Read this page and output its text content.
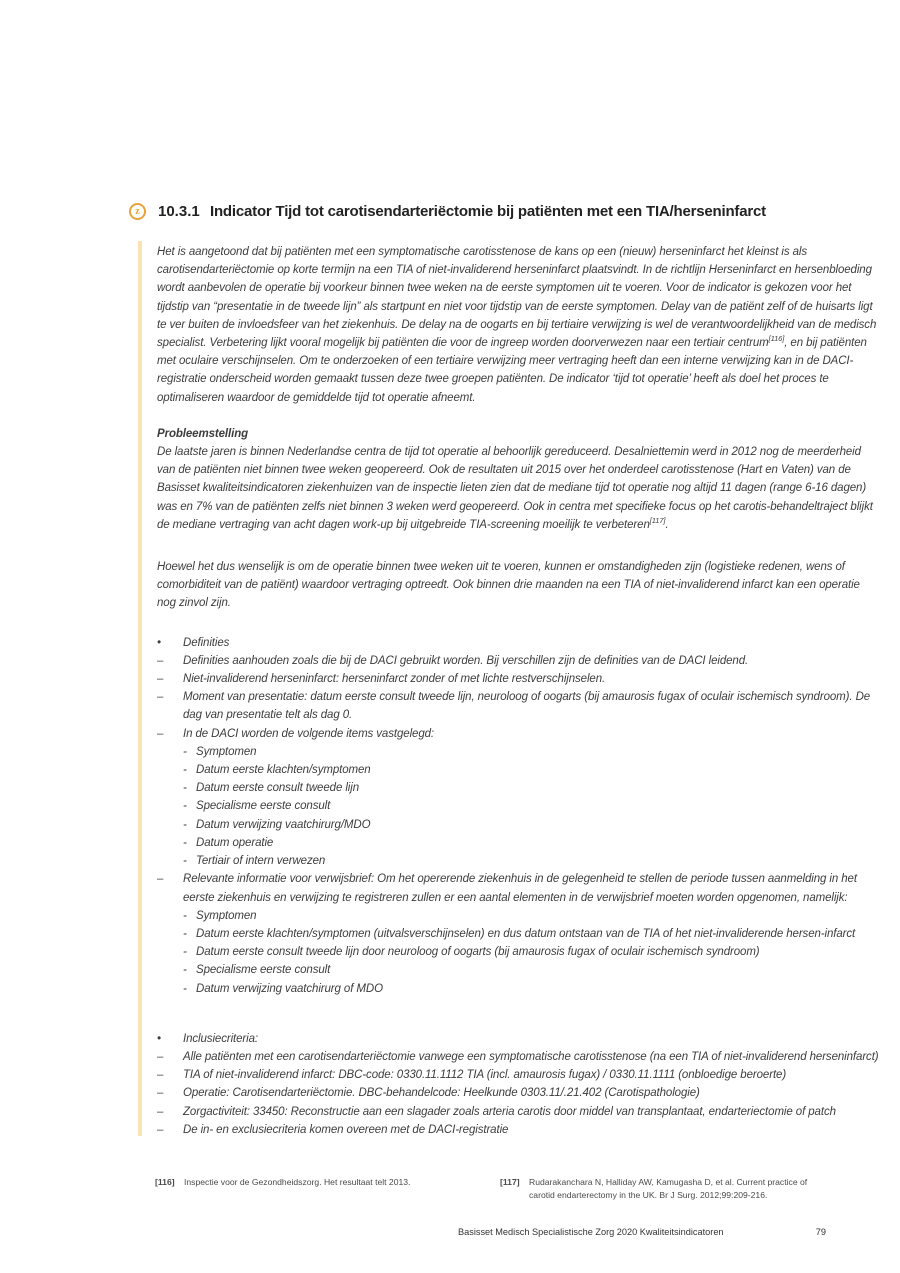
z	10.3.1 Indicator Tijd tot carotisendarteriëctomie bij patiënten met een TIA/herseninfarct
Het is aangetoond dat bij patiënten met een symptomatische carotisstenose de kans op een (nieuw) herseninfarct het kleinst is als carotisendarteriëctomie op korte termijn na een TIA of niet-invaliderend herseninfarct plaatsvindt. In de richtlijn Herseninfarct en hersenbloeding wordt aanbevolen de operatie bij voorkeur binnen twee weken na de eerste symptomen uit te voeren. Voor de indicator is gekozen voor het tijdstip van “presentatie in de tweede lijn” als startpunt en niet voor tijdstip van de eerste symptomen. Delay van de patiënt zelf of de huisarts ligt te ver buiten de invloedsfeer van het ziekenhuis. De delay na de oogarts en bij tertiaire verwijzing is wel de verantwoordelijkheid van de medisch specialist. Verbetering lijkt vooral mogelijk bij patiënten die voor de ingreep worden doorverwezen naar een tertiair centrum[116], en bij patiënten met oculaire verschijnselen. Om te onderzoeken of een tertiaire verwijzing meer vertraging heeft dan een interne verwijzing kan in de DACI-registratie onderscheid worden gemaakt tussen deze twee groepen patiënten. De indicator ‘tijd tot operatie’ heeft als doel het proces te optimaliseren waardoor de gemiddelde tijd tot operatie afneemt.
Probleemstelling
De laatste jaren is binnen Nederlandse centra de tijd tot operatie al behoorlijk gereduceerd. Desalniettemin werd in 2012 nog de meerderheid van de patiënten niet binnen twee weken geopereerd. Ook de resultaten uit 2015 over het onderdeel carotisstenose (Hart en Vaten) van de Basisset kwaliteitsindicatoren ziekenhuizen van de inspectie lieten zien dat de mediane tijd tot operatie nog altijd 11 dagen (range 6-16 dagen) was en 7% van de patiënten zelfs niet binnen 3 weken werd geopereerd. Ook in centra met specifieke focus op het carotis-behandeltraject blijkt de mediane vertraging van acht dagen work-up bij uitgebreide TIA-screening moeilijk te verbeteren[117].
Hoewel het dus wenselijk is om de operatie binnen twee weken uit te voeren, kunnen er omstandigheden zijn (logistieke redenen, wens of comorbiditeit van de patiënt) waardoor vertraging optreedt. Ook binnen drie maanden na een TIA of niet-invaliderend infarct kan een operatie nog zinvol zijn.
•	Definities
–	Definities aanhouden zoals die bij de DACI gebruikt worden. Bij verschillen zijn de definities van de DACI leidend.
–	Niet-invaliderend herseninfarct: herseninfarct zonder of met lichte restverschijnselen.
–	Moment van presentatie: datum eerste consult tweede lijn, neuroloog of oogarts (bij amaurosis fugax of oculair ischemisch syndroom). De dag van presentatie telt als dag 0.
–	In de DACI worden de volgende items vastgelegd:
- Symptomen
- Datum eerste klachten/symptomen
- Datum eerste consult tweede lijn
- Specialisme eerste consult
- Datum verwijzing vaatchirurg/MDO
- Datum operatie
- Tertiair of intern verwezen
–	Relevante informatie voor verwijsbrief: Om het opererende ziekenhuis in de gelegenheid te stellen de periode tussen aanmelding in het eerste ziekenhuis en verwijzing te registreren zullen er een aantal elementen in de verwijsbrief moeten worden opgenomen, namelijk:
- Symptomen
- Datum eerste klachten/symptomen (uitvalsverschijnselen) en dus datum ontstaan van de TIA of het niet-invaliderende hersen-infarct
- Datum eerste consult tweede lijn door neuroloog of oogarts (bij amaurosis fugax of oculair ischemisch syndroom)
- Specialisme eerste consult
- Datum verwijzing vaatchirurg of MDO
•	Inclusiecriteria:
–	Alle patiënten met een carotisendarteriëctomie vanwege een symptomatische carotisstenose (na een TIA of niet-invaliderend herseninfarct)
–	TIA of niet-invaliderend infarct: DBC-code: 0330.11.1112 TIA (incl. amaurosis fugax) / 0330.11.1111 (onbloedige beroerte)
–	Operatie: Carotisendarteriëctomie. DBC-behandelcode: Heelkunde 0303.11/.21.402 (Carotispathologie)
–	Zorgactiviteit: 33450: Reconstructie aan een slagader zoals arteria carotis door middel van transplantaat, endarteriectomie of patch
–	De in- en exclusiecriteria komen overeen met de DACI-registratie
[116]	Inspectie voor de Gezondheidszorg. Het resultaat telt 2013.	[117]	Rudarakanchara N, Halliday AW, Kamugasha D, et al. Current practice of carotid endarterectomy in the UK. Br J Surg. 2012;99:209-216.
Basisset Medisch Specialistische Zorg 2020 Kwaliteitsindicatoren	79
